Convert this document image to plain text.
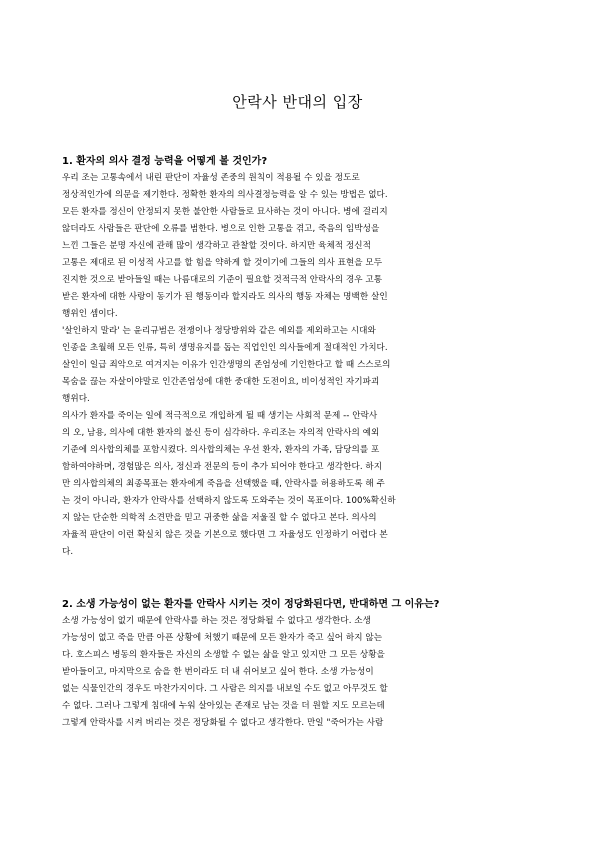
안락사 반대의 입장
1. 환자의 의사 결정 능력을 어떻게 볼 것인가?
우리 조는 고통속에서 내린 판단이 자율성 존중의 원칙이 적용될 수 있을 정도로
정상적인가에 의문을 제기한다. 정확한 환자의 의사결정능력을 알 수 있는 방법은 없다.
모든 환자를 정신이 안정되지 못한 불안한 사람들로 묘사하는 것이 아니다. 병에 걸리지
않더라도 사람들은 판단에 오류를 범한다. 병으로 인한 고통을 겪고, 죽음의 임박성을
느낀 그들은 분명 자신에 관해 많이 생각하고 관찰할 것이다. 하지만 육체적 정신적
고통은 제대로 된 이성적 사고를 할 힘을 약하게 할 것이기에 그들의 의사 표현을 모두
진지한 것으로 받아들일 때는 나름대로의 기준이 필요할 것적극적 안락사의 경우 고통
받은 환자에 대한 사랑이 동기가 된 행동이라 할지라도 의사의 행동 자체는 명백한 살인
행위인 셈이다.
'살인하지 말라' 는 윤리규범은 전쟁이나 정당방위와 같은 예외를 제외하고는 시대와
인종을 초월해 모든 인류, 특히 생명유지를 돕는 직업인인 의사들에게 절대적인 가치다.
살인이 일급 죄악으로 여겨지는 이유가 인간생명의 존엄성에 기인한다고 할 때 스스로의
목숨을 끊는 자살이야말로 인간존엄성에 대한 중대한 도전이요, 비이성적인 자기파괴
행위다.
의사가 환자를 죽이는 일에 적극적으로 개입하게 될 때 생기는 사회적 문제 -- 안락사
의 오, 남용, 의사에 대한 환자의 불신 등이 심각하다. 우리조는 자의적 안락사의 예외
기준에 의사합의체를 포함시켰다. 의사합의체는 우선 환자, 환자의 가족, 담당의를 포
함하여야하며, 경험많은 의사, 정신과 전문의 등이 추가 되어야 한다고 생각한다. 하지
만 의사합의체의 최종목표는 환자에게 죽음을 선택했을 때, 안락사를 허용하도록 해 주
는 것이 아니라, 환자가 안락사를 선택하지 않도록 도와주는 것이 목표이다. 100%확신하
지 않는 단순한 의학적 소견만을 믿고 귀중한 삶을 저울질 할 수 없다고 본다. 의사의
자율적 판단이 이런 확실치 않은 것을 기본으로 했다면 그 자율성도 인정하기 어렵다 본
다.
2. 소생 가능성이 없는 환자를 안락사 시키는 것이 정당화된다면, 반대하면 그 이유는?
소생 가능성이 없기 때문에 안락사를 하는 것은 정당화될 수 없다고 생각한다. 소생
가능성이 없고 죽을 만큼 아픈 상황에 처했기 때문에 모든 환자가 죽고 싶어 하지 않는
다. 호스피스 병동의 환자들은 자신의 소생할 수 없는 삶을 알고 있지만 그 모든 상황을
받아들이고, 마지막으로 숨을 한 번이라도 더 내 쉬어보고 싶어 한다. 소생 가능성이
없는 식물인간의 경우도 마찬가지이다. 그 사람은 의지를 내보일 수도 없고 아무것도 할
수 없다. 그러나 그렇게 침대에 누워 살아있는 존재로 남는 것을 더 원할 지도 모르는데
그렇게 안락사를 시켜 버리는 것은 정당화될 수 없다고 생각한다. 만일 "죽어가는 사람
